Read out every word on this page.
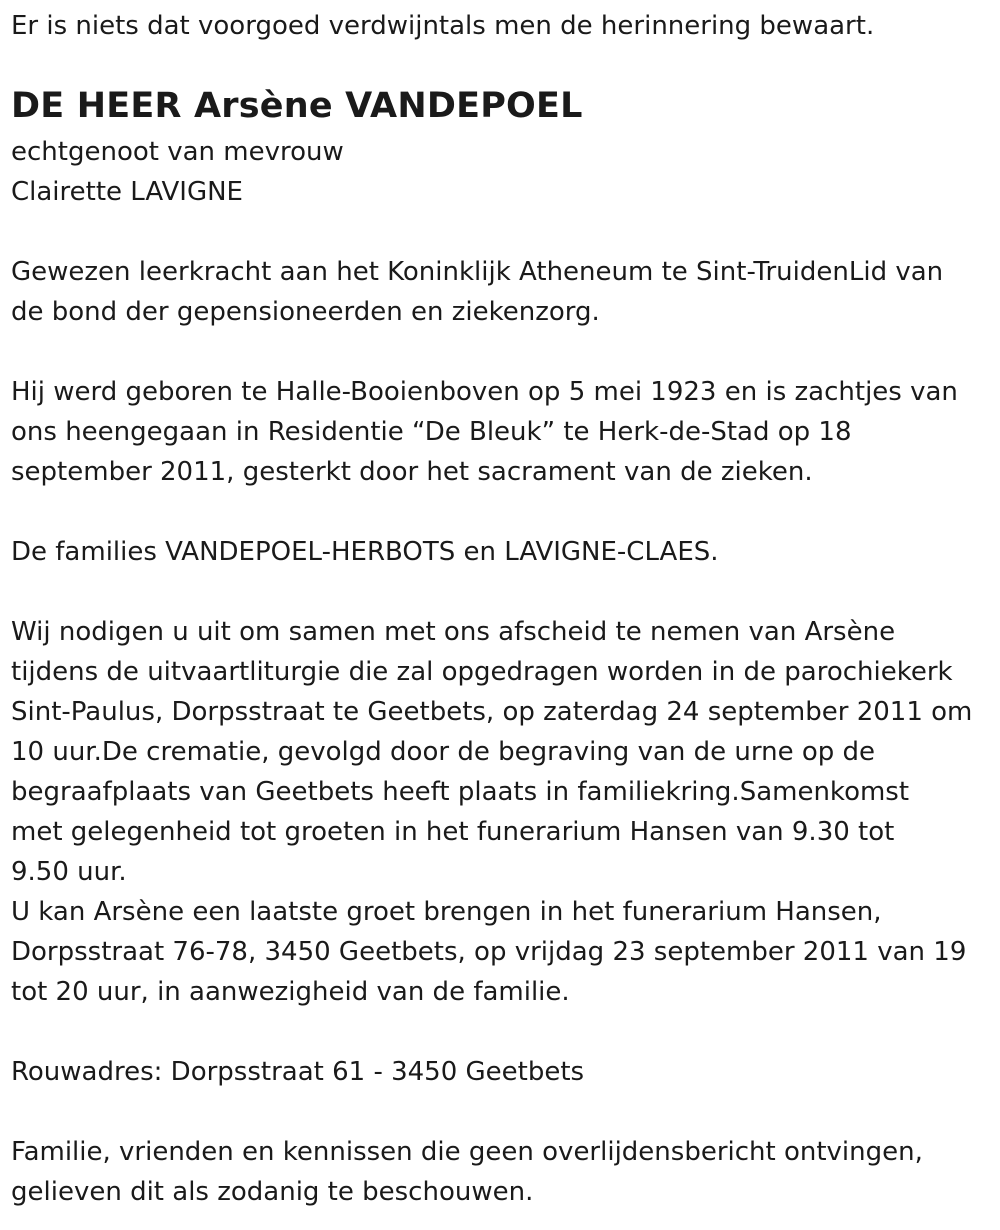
Er is niets dat voorgoed verdwijntals men de herinnering bewaart.
DE HEER Arsène VANDEPOEL
echtgenoot van mevrouw
Clairette LAVIGNE
Gewezen leerkracht aan het Koninklijk Atheneum te Sint-TruidenLid van
de bond der gepensioneerden en ziekenzorg.
Hij werd geboren te Halle-Booienboven op 5 mei 1923 en is zachtjes van
ons heengegaan in Residentie “De Bleuk” te Herk-de-Stad op 18
september 2011, gesterkt door het sacrament van de zieken.
De families VANDEPOEL-HERBOTS en LAVIGNE-CLAES.
Wij nodigen u uit om samen met ons afscheid te nemen van Arsène
tijdens de uitvaartliturgie die zal opgedragen worden in de parochiekerk
Sint-Paulus, Dorpsstraat te Geetbets, op zaterdag 24 september 2011 om
10 uur.De crematie, gevolgd door de begraving van de urne op de
begraafplaats van Geetbets heeft plaats in familiekring.Samenkomst
met gelegenheid tot groeten in het funerarium Hansen van 9.30 tot
9.50 uur.
U kan Arsène een laatste groet brengen in het funerarium Hansen,
Dorpsstraat 76-78, 3450 Geetbets, op vrijdag 23 september 2011 van 19
tot 20 uur, in aanwezigheid van de familie.
Rouwadres: Dorpsstraat 61 - 3450 Geetbets
Familie, vrienden en kennissen die geen overlijdensbericht ontvingen,
gelieven dit als zodanig te beschouwen.
